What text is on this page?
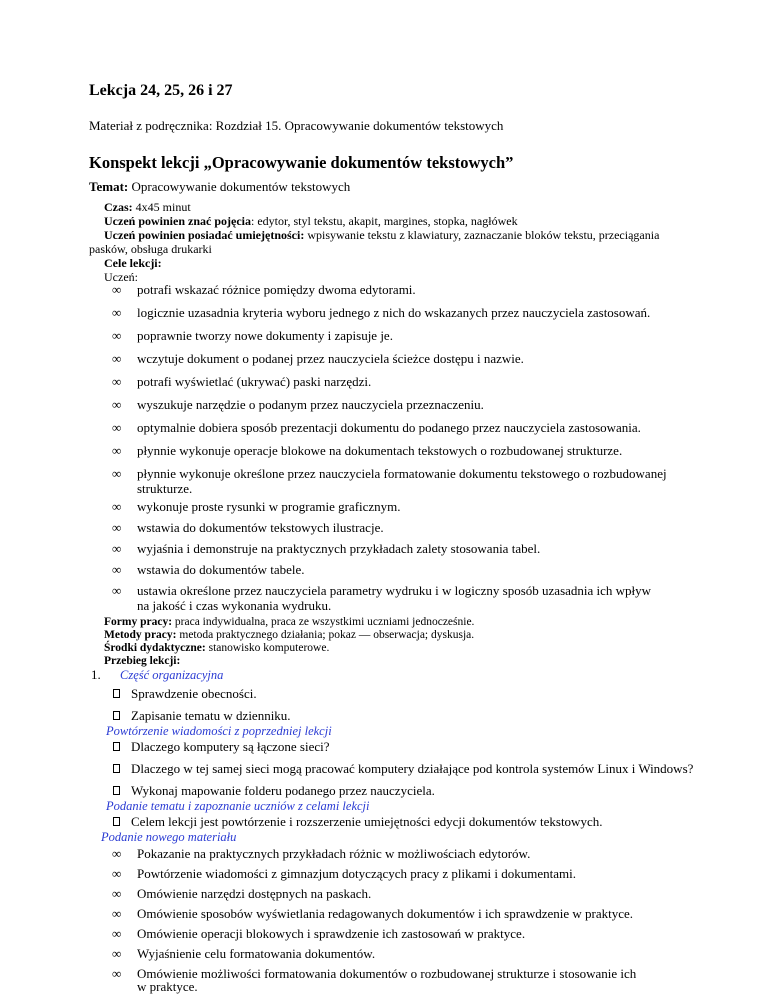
Lekcja 24, 25, 26 i 27
Materiał z podręcznika: Rozdział 15. Opracowywanie dokumentów tekstowych
Konspekt lekcji „Opracowywanie dokumentów tekstowych”
Temat: Opracowywanie dokumentów tekstowych
Czas: 4x45 minut
Uczeń powinien znać pojęcia: edytor, styl tekstu, akapit, margines, stopka, nagłówek
Uczeń powinien posiadać umiejętności: wpisywanie tekstu z klawiatury, zaznaczanie bloków tekstu, przeciągania
pasków, obsługa drukarki
Cele lekcji:
Uczeń:
∞ potrafi wskazać różnice pomiędzy dwoma edytorami.
∞ logicznie uzasadnia kryteria wyboru jednego z nich do wskazanych przez nauczyciela zastosowań.
∞ poprawnie tworzy nowe dokumenty i zapisuje je.
∞ wczytuje dokument o podanej przez nauczyciela ścieżce dostępu i nazwie.
∞ potrafi wyświetlać (ukrywać) paski narzędzi.
∞ wyszukuje narzędzie o podanym przez nauczyciela przeznaczeniu.
∞ optymalnie dobiera sposób prezentacji dokumentu do podanego przez nauczyciela zastosowania.
∞ płynnie wykonuje operacje blokowe na dokumentach tekstowych o rozbudowanej strukturze.
∞ płynnie wykonuje określone przez nauczyciela formatowanie dokumentu tekstowego o rozbudowanej
strukturze.
∞ wykonuje proste rysunki w programie graficznym.
∞ wstawia do dokumentów tekstowych ilustracje.
∞ wyjaśnia i demonstruje na praktycznych przykładach zalety stosowania tabel.
∞ wstawia do dokumentów tabele.
∞ ustawia określone przez nauczyciela parametry wydruku i w logiczny sposób uzasadnia ich wpływ
na jakość i czas wykonania wydruku.
Formy pracy: praca indywidualna, praca ze wszystkimi uczniami jednocześnie.
Metody pracy: metoda praktycznego działania; pokaz — obserwacja; dyskusja.
Środki dydaktyczne: stanowisko komputerowe.
Przebieg lekcji:
1. Część organizacyjna
Sprawdzenie obecności.
Zapisanie tematu w dzienniku.
Powtórzenie wiadomości z poprzedniej lekcji
Dlaczego komputery są łączone sieci?
Dlaczego w tej samej sieci mogą pracować komputery działające pod kontrola systemów Linux i Windows?
Wykonaj mapowanie folderu podanego przez nauczyciela.
Podanie tematu i zapoznanie uczniów z celami lekcji
Celem lekcji jest powtórzenie i rozszerzenie umiejętności edycji dokumentów tekstowych.
Podanie nowego materiału
∞ Pokazanie na praktycznych przykładach różnic w możliwościach edytorów.
∞ Powtórzenie wiadomości z gimnazjum dotyczących pracy z plikami i dokumentami.
∞ Omówienie narzędzi dostępnych na paskach.
∞ Omówienie sposobów wyświetlania redagowanych dokumentów i ich sprawdzenie w praktyce.
∞ Omówienie operacji blokowych i sprawdzenie ich zastosowań w praktyce.
∞ Wyjaśnienie celu formatowania dokumentów.
∞ Omówienie możliwości formatowania dokumentów o rozbudowanej strukturze i stosowanie ich
w praktyce.
